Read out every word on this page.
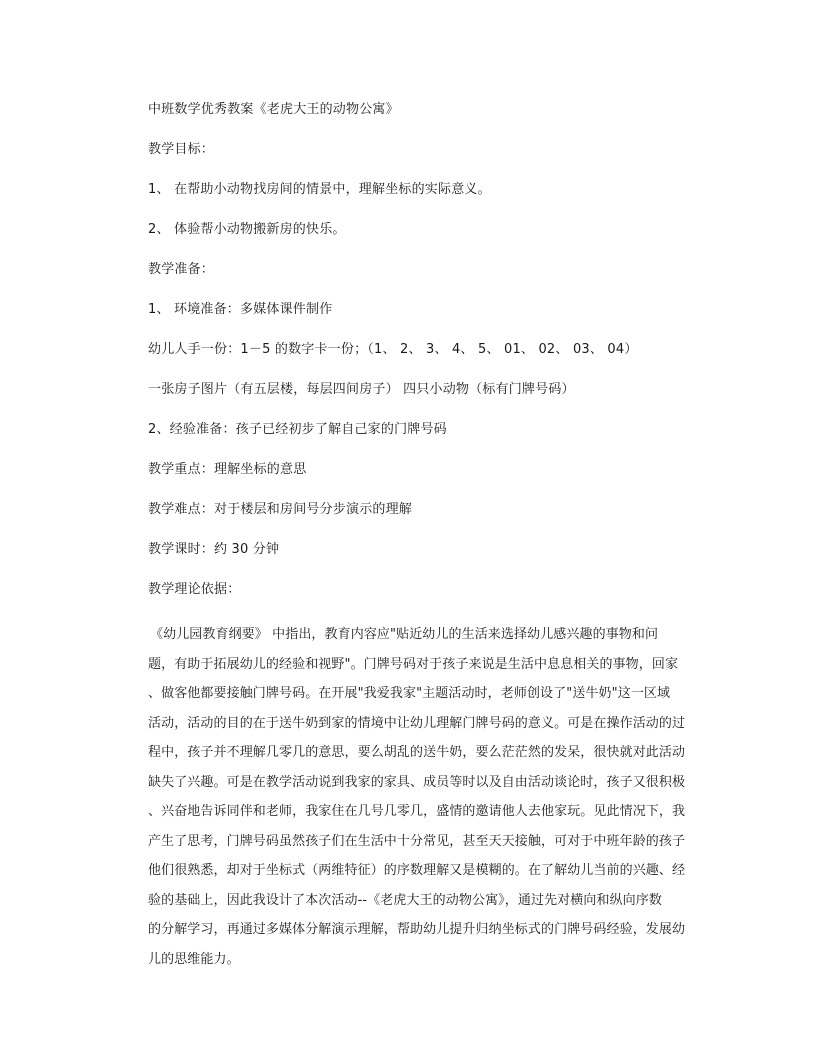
中班数学优秀教案《老虎大王的动物公寓》
教学目标：
1、 在帮助小动物找房间的情景中，理解坐标的实际意义。
2、 体验帮小动物搬新房的快乐。
教学准备：
1、 环境准备：多媒体课件制作
幼儿人手一份：1－5 的数字卡一份；（1、 2、 3、 4、 5、 01、 02、 03、 04）
一张房子图片（有五层楼，每层四间房子） 四只小动物（标有门牌号码）
2、经验准备：孩子已经初步了解自己家的门牌号码
教学重点：理解坐标的意思
教学难点：对于楼层和房间号分步演示的理解
教学课时：约 30 分钟
教学理论依据：
《幼儿园教育纲要》 中指出，教育内容应"贴近幼儿的生活来选择幼儿感兴趣的事物和问
题，有助于拓展幼儿的经验和视野"。门牌号码对于孩子来说是生活中息息相关的事物，回家
、做客他都要接触门牌号码。在开展"我爱我家"主题活动时，老师创设了"送牛奶"这一区域
活动，活动的目的在于送牛奶到家的情境中让幼儿理解门牌号码的意义。可是在操作活动的过
程中，孩子并不理解几零几的意思，要么胡乱的送牛奶，要么茫茫然的发呆，很快就对此活动
缺失了兴趣。可是在教学活动说到我家的家具、成员等时以及自由活动谈论时，孩子又很积极
、兴奋地告诉同伴和老师，我家住在几号几零几，盛情的邀请他人去他家玩。见此情况下，我
产生了思考，门牌号码虽然孩子们在生活中十分常见，甚至天天接触，可对于中班年龄的孩子
他们很熟悉，却对于坐标式（两维特征）的序数理解又是模糊的。在了解幼儿当前的兴趣、经
验的基础上，因此我设计了本次活动--《老虎大王的动物公寓》，通过先对横向和纵向序数
的分解学习，再通过多媒体分解演示理解，帮助幼儿提升归纳坐标式的门牌号码经验，发展幼
儿的思维能力。
